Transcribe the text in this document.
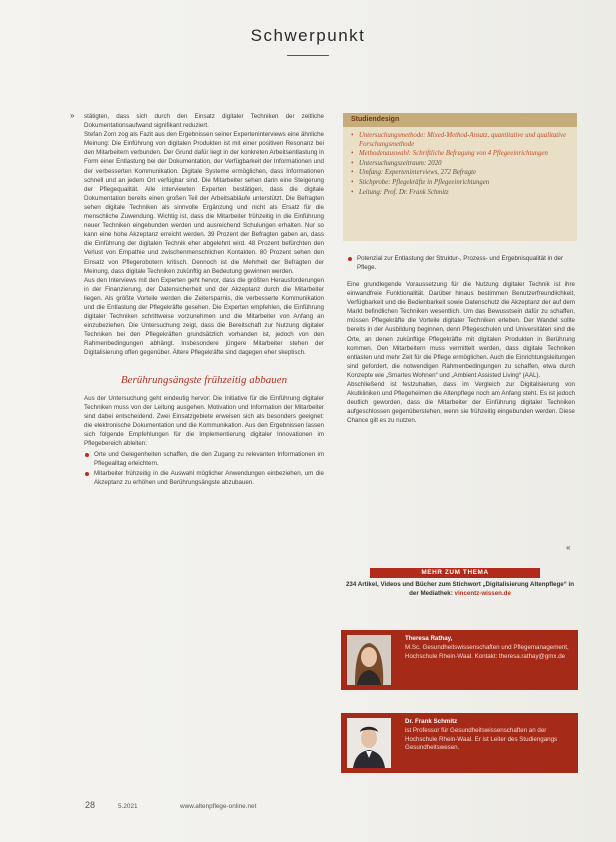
Schwerpunkt
» stätigten, dass sich durch den Einsatz digitaler Techniken der zeitliche Dokumentationsaufwand signifikant reduziert.

Stefan Zorn zog als Fazit aus den Ergebnissen seiner Experteninterviews eine ähnliche Meinung: Die Einführung von digitalen Produkten ist mit einer positiven Resonanz bei den Mitarbeitern verbunden. Der Grund dafür liegt in der konkreten Arbeitsentlastung in Form einer Entlastung bei der Dokumentation, der Verfügbarkeit der Informationen und der verbesserten Kommunikation. Digitale Systeme ermöglichen, dass Informationen schnell und an jedem Ort verfügbar sind. Die Mitarbeiter sehen darin eine Steigerung der Pflegequalität. Alle interviewten Experten bestätigen, dass die digitale Dokumentation bereits einen großen Teil der Arbeitsabläufe unterstützt. Die Befragten sehen digitale Techniken als sinnvolle Ergänzung und nicht als Ersatz für die menschliche Zuwendung. Wichtig ist, dass die Mitarbeiter frühzeitig in die Einführung neuer Techniken eingebunden werden und ausreichend Schulungen erhalten. Nur so kann eine hohe Akzeptanz erreicht werden. 39 Prozent der Befragten gaben an, dass die Einführung der digitalen Technik eher abgelehnt wird. 48 Prozent befürchten den Verlust von Empathie und zwischenmenschlichen Kontakten. 80 Prozent sehen den Einsatz von Pflegerobotern kritisch. Dennoch ist die Mehrheit der Befragten der Meinung, dass digitale Techniken zukünftig an Bedeutung gewinnen werden.

Aus den Interviews mit den Experten geht hervor, dass die größten Herausforderungen in der Finanzierung, der Datensicherheit und der Akzeptanz durch die Mitarbeiter liegen. Als größte Vorteile werden die Zeitersparnis, die verbesserte Kommunikation und die Entlastung der Pflegekräfte gesehen. Die Experten empfehlen, die Einführung digitaler Techniken schrittweise vorzunehmen und die Mitarbeiter von Anfang an einzubeziehen. Die Untersuchung zeigt, dass die Bereitschaft zur Nutzung digitaler Techniken bei den Pflegekräften grundsätzlich vorhanden ist, jedoch von den Rahmenbedingungen abhängt. Insbesondere jüngere Mitarbeiter stehen der Digitalisierung offen gegenüber. Ältere Pflegekräfte sind dagegen eher skeptisch.

Berührungsängste frühzeitig abbauen

Aus der Untersuchung geht eindeutig hervor: Die Initiative für die Einführung digitaler Techniken muss von der Leitung ausgehen. Motivation und Information der Mitarbeiter sind dabei entscheidend. Zwei Einsatzgebiete erweisen sich als besonders geeignet: die elektronische Dokumentation und die Kommunikation. Aus den Ergebnissen lassen sich folgende Empfehlungen für die Implementierung digitaler Innovationen im Pflegebereich ableiten:

Orte und Gelegenheiten schaffen, die den Zugang zu relevanten Informationen im Pflegealltag erleichtern.
Mitarbeiter frühzeitig in die Auswahl möglicher Anwendungen einbeziehen, um die Akzeptanz zu erhöhen und Berührungsängste abzubauen.
Studiendesign
• Untersuchungsmethode: Mixed-Method-Ansatz, quantitative und qualitative Forschungsmethode
• Methodenauswahl: Schriftliche Befragung von 4 Pflegeeinrichtungen
• Untersuchungszeitraum: 2020
• Umfang: Experteninterviews, 272 Befragte
• Stichprobe: Pflegekräfte in Pflegeeinrichtungen
• Leitung: Prof. Dr. Frank Schmitz
Potenzial zur Entlastung der Struktur-, Prozess- und Ergebnisqualität in der Pflege.

Eine grundlegende Voraussetzung für die Nutzung digitaler Technik ist ihre einwandfreie Funktionalität. Darüber hinaus bestimmen Benutzerfreundlichkeit, Verfügbarkeit und die Bedienbarkeit sowie Datenschutz die Akzeptanz der auf dem Markt befindlichen Techniken wesentlich. Um das Bewusstsein dafür zu schaffen, müssen Pflegekräfte die Vorteile digitaler Techniken erleben. Der Wandel sollte bereits in der Ausbildung beginnen, denn Pflegeschulen und Universitäten sind die Orte, an denen zukünftige Pflegekräfte mit digitalen Produkten in Berührung kommen. Den Mitarbeitern muss vermittelt werden, dass digitale Techniken entlasten und mehr Zeit für die Pflege ermöglichen. Auch die Einrichtungsleitungen sind gefordert, die notwendigen Rahmenbedingungen zu schaffen, etwa durch Konzepte wie „Smartes Wohnen“ und „Ambient Assisted Living“ (AAL).

Abschließend ist festzuhalten, dass im Vergleich zur Digitalisierung von Akutkliniken und Pflegeheimen die Altenpflege noch am Anfang steht. Es ist jedoch deutlich geworden, dass die Mitarbeiter der Einführung digitaler Techniken aufgeschlossen gegenüberstehen, wenn sie frühzeitig eingebunden werden. Diese Chance gilt es zu nutzen.

«
MEHR ZUM THEMA
234 Artikel, Videos und Bücher zum Stichwort „Digitalisierung Altenpflege“ in der Mediathek: vincentz-wissen.de
Theresa Rathay,
M.Sc. Gesundheitswissenschaften und Pflegemanagement, Hochschule Rhein-Waal. Kontakt: theresa.rathay@gmx.de
Dr. Frank Schmitz
ist Professor für Gesundheitswissenschaften an der Hochschule Rhein-Waal. Er ist Leiter des Studiengangs Gesundheitswesen.
28	5.2021	www.altenpflege-online.net
